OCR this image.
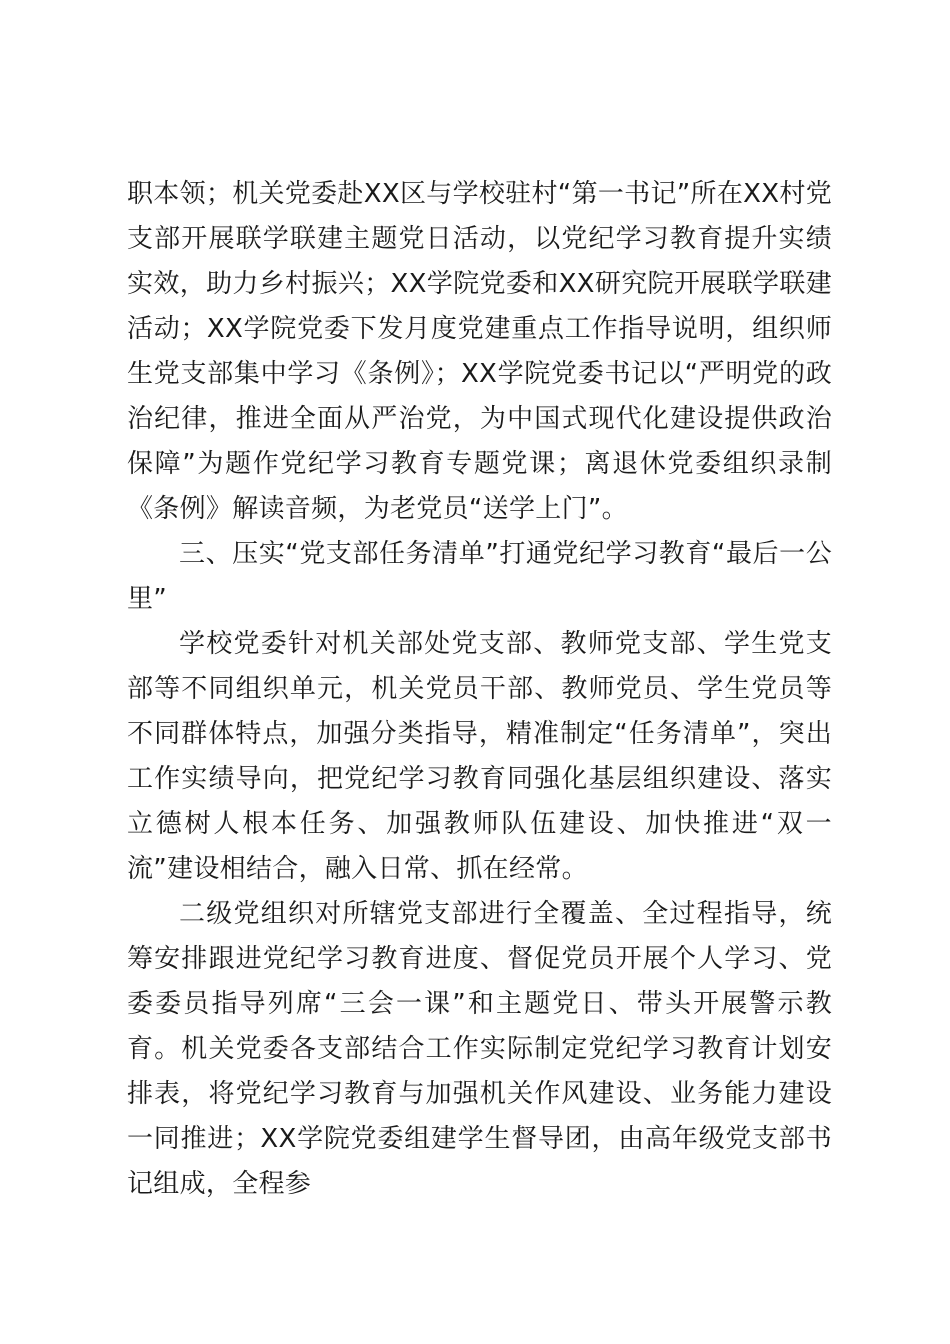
职本领；机关党委赴XX区与学校驻村“第一书记”所在XX村党支部开展联学联建主题党日活动，以党纪学习教育提升实绩实效，助力乡村振兴；XX学院党委和XX研究院开展联学联建活动；XX学院党委下发月度党建重点工作指导说明，组织师生党支部集中学习《条例》；XX学院党委书记以“严明党的政治纪律，推进全面从严治党，为中国式现代化建设提供政治保障”为题作党纪学习教育专题党课；离退休党委组织录制《条例》解读音频，为老党员“送学上门”。

三、压实“党支部任务清单”打通党纪学习教育“最后一公里”

学校党委针对机关部处党支部、教师党支部、学生党支部等不同组织单元，机关党员干部、教师党员、学生党员等不同群体特点，加强分类指导，精准制定“任务清单”，突出工作实绩导向，把党纪学习教育同强化基层组织建设、落实立德树人根本任务、加强教师队伍建设、加快推进“双一流”建设相结合，融入日常、抓在经常。

二级党组织对所辖党支部进行全覆盖、全过程指导，统筹安排跟进党纪学习教育进度、督促党员开展个人学习、党委委员指导列席“三会一课”和主题党日、带头开展警示教育。机关党委各支部结合工作实际制定党纪学习教育计划安排表，将党纪学习教育与加强机关作风建设、业务能力建设一同推进；XX学院党委组建学生督导团，由高年级党支部书记组成，全程参
